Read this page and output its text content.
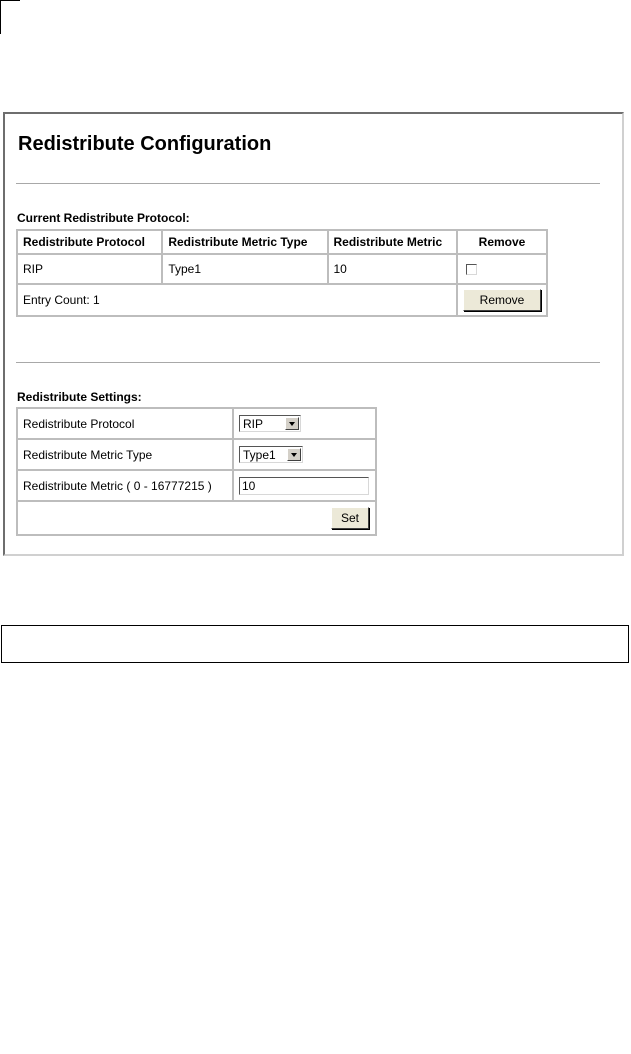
Redistribute Configuration
Current Redistribute Protocol:
Redistribute Protocol	Redistribute Metric Type	Redistribute Metric	Remove
RIP	Type1	10	
Entry Count: 1			Remove
Redistribute Settings:
Redistribute Protocol	RIP

Redistribute Metric Type	Type1

Redistribute Metric ( 0 - 16777215 )	10
Set	
